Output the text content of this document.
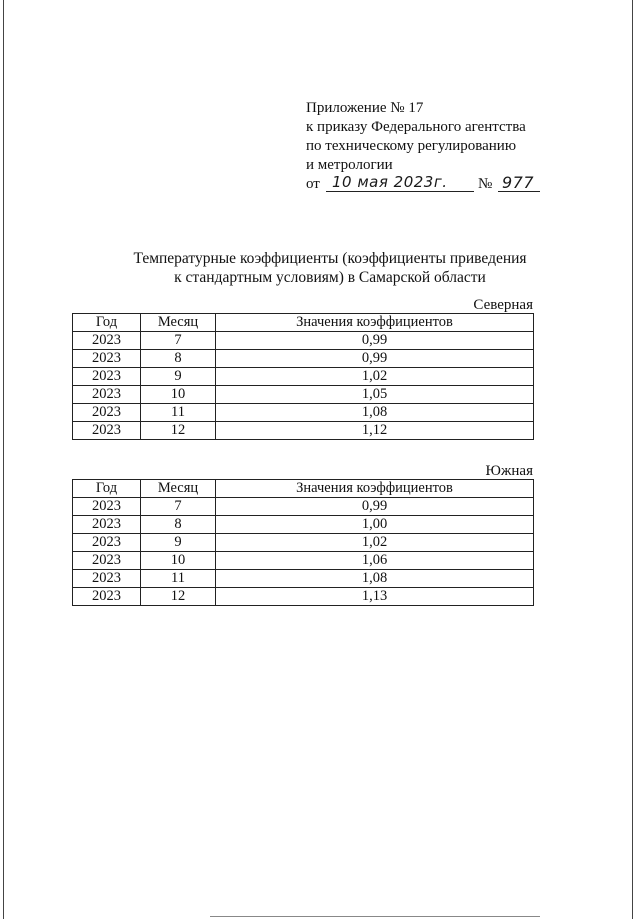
Приложение № 17
к приказу Федерального агентства
по техническому регулированию
и метрологии
от 10 мая 2023г. № 977
Температурные коэффициенты (коэффициенты приведения
к стандартным условиям) в Самарской области
Северная
Год	Месяц	Значения коэффициентов
2023	7	0,99
2023	8	0,99
2023	9	1,02
2023	10	1,05
2023	11	1,08
2023	12	1,12
Южная
Год	Месяц	Значения коэффициентов
2023	7	0,99
2023	8	1,00
2023	9	1,02
2023	10	1,06
2023	11	1,08
2023	12	1,13
